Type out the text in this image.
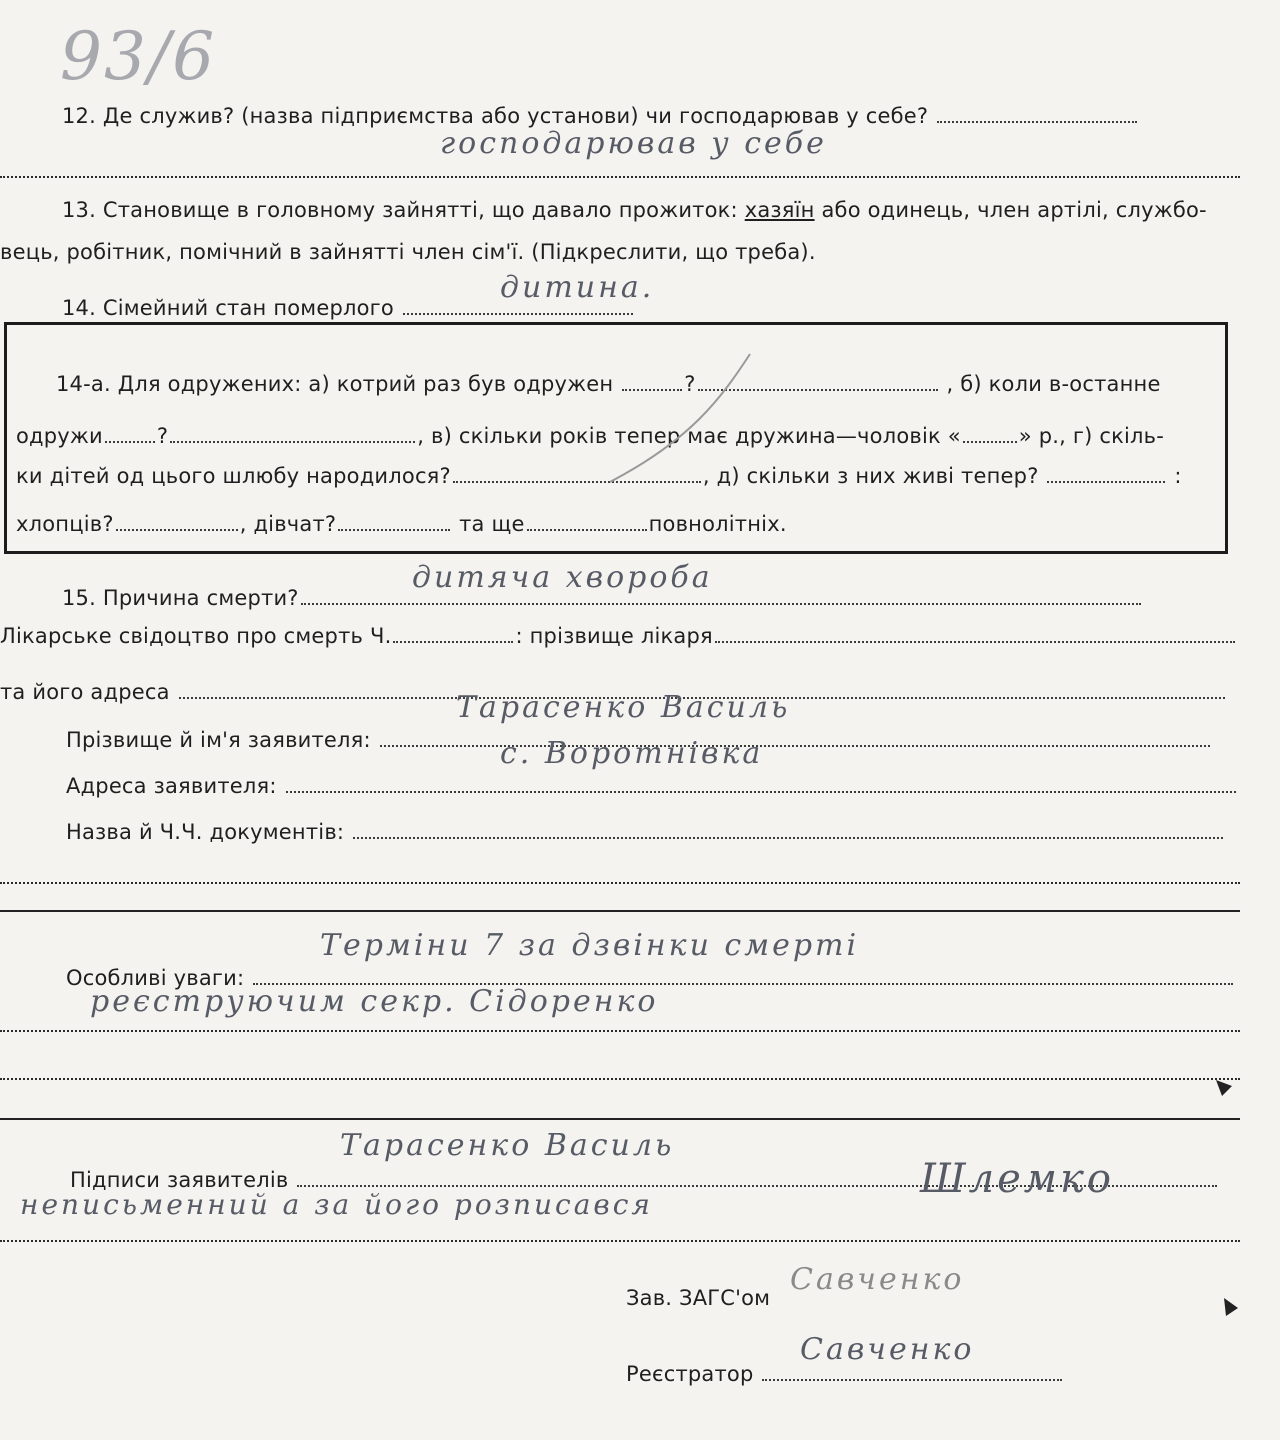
93/6
12. Де служив? (назва підприємства або установи) чи господарював у себе?
господарював у себе
13. Становище в головному зайнятті, що давало прожиток: хазяїн або одинець, член артілі, службо-
вець, робітник, помічний в зайнятті член сім'ї. (Підкреслити, що треба).
14. Сімейний стан померлого
дитина.
14-а. Для одружених: а) котрий раз був одружен	?	, б) коли в-останне
одружи	?	, в) скільки років тепер має дружина—чоловік «	» р., г) скіль-
ки дітей од цього шлюбу народилося?	, д) скільки з них живі тепер?	:
хлопців?	, дівчат?	та ще	повнолітніх.
15. Причина смерти?
дитяча хвороба
Лікарське свідоцтво про смерть Ч.	: прізвище лікаря
та його адреса
Прізвище й ім'я заявителя:
Тарасенко Василь
Адреса заявителя:
с. Воротнівка
Назва й Ч.Ч. документів:
Особливі уваги:
Терміни 7 за дзвінки смерті
реєструючим секр. Сідоренко
Підписи заявителів
Тарасенко Василь
неписьменний а за його розписався
Шлемко
Зав. ЗАГС'ом
Савченко
Реєстратор
Савченко
